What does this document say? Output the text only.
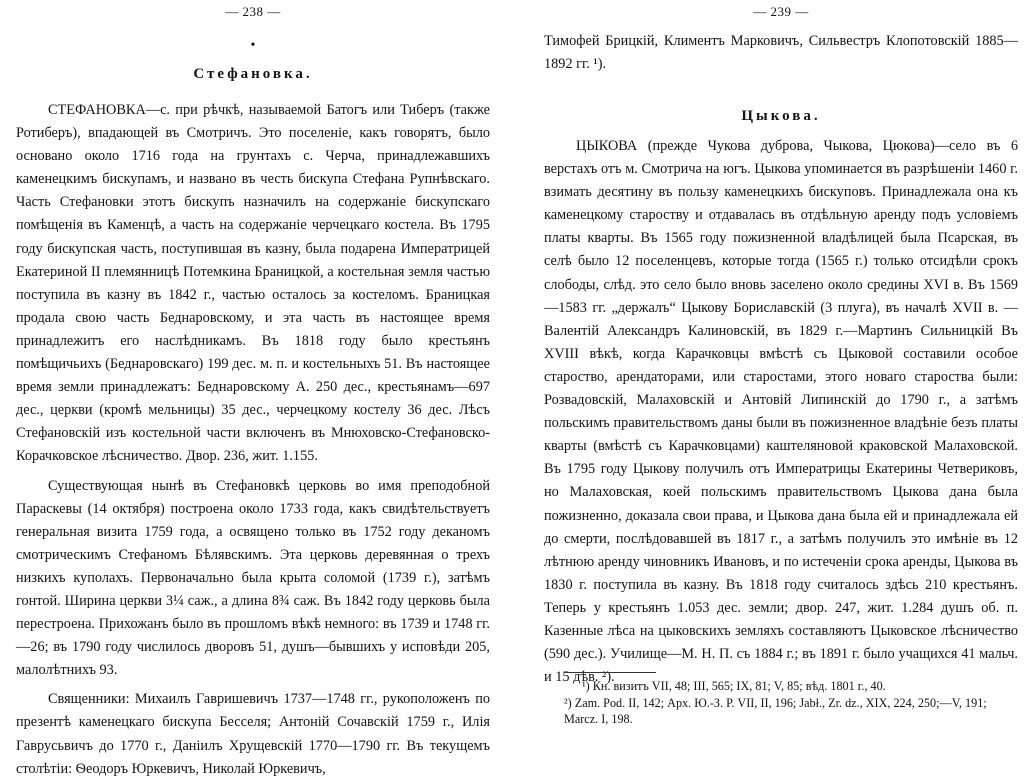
— 238 —
•
Стефановка.

СТЕФАНОВКА—с. при рѣчкѣ, называемой Батогъ или Тиберъ (также Ротиберъ), впадающей въ Смотричъ. Это поселеніе, какъ говорятъ, было основано около 1716 года на грунтахъ с. Черча, принадлежавшихъ каменецкимъ бискупамъ, и названо въ честь бискупа Стефана Рупнѣвскаго. Часть Стефановки этотъ бискупъ назначилъ на содержаніе бискупскаго помѣщенія въ Каменцѣ, а часть на содержаніе черчецкаго костела. Въ 1795 году бискупская часть, поступившая въ казну, была подарена Императрицей Екатериной II племянницѣ Потемкина Браницкой, а костельная земля частью поступила въ казну въ 1842 г., частью осталось за костеломъ. Браницкая продала свою часть Беднаровскому, и эта часть въ настоящее время принадлежитъ его наслѣдникамъ. Въ 1818 году было крестьянъ помѣщичьихъ (Беднаровскаго) 199 дес. м. п. и костельныхъ 51. Въ настоящее время земли принадлежатъ: Беднаровскому А. 250 дес., крестьянамъ—697 дес., церкви (кромѣ мельницы) 35 дес., черчецкому костелу 36 дес. Лѣсъ Стефановскій изъ костельной части включенъ въ Мнюховско-Стефановско-Корачковское лѣсничество. Двор. 236, жит. 1.155.

Существующая нынѣ въ Стефановкѣ церковь во имя преподобной Параскевы (14 октября) построена около 1733 года, какъ свидѣтельствуетъ генеральная визита 1759 года, а освящено только въ 1752 году деканомъ смотрическимъ Стефаномъ Бѣлявскимъ. Эта церковь деревянная о трехъ низкихъ куполахъ. Первоначально была крыта соломой (1739 г.), затѣмъ гонтой. Ширина церкви 3¼ саж., а длина 8¾ саж. Въ 1842 году церковь была перестроена. Прихожанъ было въ прошломъ вѣкѣ немного: въ 1739 и 1748 гг.—26; въ 1790 году числилось дворовъ 51, душъ—бывшихъ у исповѣди 205, малолѣтнихъ 93.

Священники: Михаилъ Гавришевичъ 1737—1748 гг., рукоположенъ по презентѣ каменецкаго бискупа Бесселя; Антоній Сочавскій 1759 г., Илія Гаврусьвичъ до 1770 г., Даніилъ Хрущевскій 1770—1790 гг. Въ текущемъ столѣтіи: Ѳеодоръ Юркевичъ, Николай Юркевичъ,

— 239 —

Тимофей Брицкій, Климентъ Марковичъ, Сильвестръ Клопотовскій 1885—1892 гг. ¹).

Цыкова.

ЦЫКОВА (прежде Чукова дуброва, Чыкова, Цюкова)—село въ 6 верстахъ отъ м. Смотрича на югъ. Цыкова упоминается въ разрѣшеніи 1460 г. взимать десятину въ пользу каменецкихъ бискуповъ. Принадлежала она къ каменецкому староству и отдавалась въ отдѣльную аренду подъ условіемъ платы кварты. Въ 1565 году пожизненной владѣлицей была Псарская, въ селѣ было 12 поселенцевъ, которые тогда (1565 г.) только отсидѣли срокъ слободы, слѣд. это село было вновь заселено около средины XVI в. Въ 1569—1583 гг. „держалъ“ Цыкову Бориславскій (3 плуга), въ началѣ XVII в. — Валентій Александръ Калиновскій, въ 1829 г.—Мартинъ Сильницкій Въ XVIII вѣкѣ, когда Карачковцы вмѣстѣ съ Цыковой составили особое староство, арендаторами, или старостами, этого новаго староства были: Розвадовскій, Малаховскій и Антовій Липинскій до 1790 г., а затѣмъ польскимъ правительствомъ даны были въ пожизненное владѣніе безъ платы кварты (вмѣстѣ съ Карачковцами) каштеляновой краковской Малаховской. Въ 1795 году Цыкову получилъ отъ Императрицы Екатерины Четвериковъ, но Малаховская, коей польскимъ правительствомъ Цыкова дана была пожизненно, доказала свои права, и Цыкова дана была ей и принадлежала ей до смерти, послѣдовавшей въ 1817 г., а затѣмъ получилъ это имѣніе въ 12 лѣтнюю аренду чиновникъ Ивановъ, и по истеченіи срока аренды, Цыкова въ 1830 г. поступила въ казну. Въ 1818 году считалось здѣсь 210 крестьянъ. Теперь у крестьянъ 1.053 дес. земли; двор. 247, жит. 1.284 душъ об. п. Казенные лѣса на цыковскихъ земляхъ составляютъ Цыковское лѣсничество (590 дес.). Училище—М. Н. П. съ 1884 г.; въ 1891 г. было учащихся 41 мальч. и 15 дѣв. ²).

¹) Кн. визитъ VII, 48; III, 565; IX, 81; V, 85; вѣд. 1801 г., 40.

²) Zam. Pod. II, 142; Арх. Ю.-З. Р. VII, II, 196; Jabł., Zr. dz., XIX, 224, 250;—V, 191; Marcz. I, 198.
